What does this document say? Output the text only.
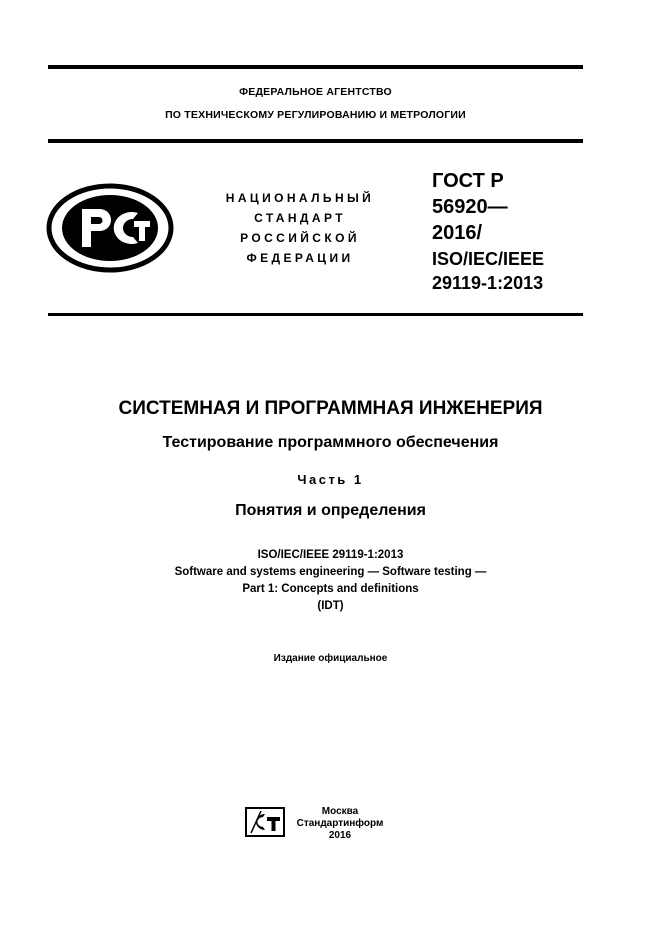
ФЕДЕРАЛЬНОЕ АГЕНТСТВО
ПО ТЕХНИЧЕСКОМУ РЕГУЛИРОВАНИЮ И МЕТРОЛОГИИ
НАЦИОНАЛЬНЫЙ
СТАНДАРТ
РОССИЙСКОЙ
ФЕДЕРАЦИИ
ГОСТ Р
56920—
2016/
ISO/IEC/IEEE
29119-1:2013
СИСТЕМНАЯ И ПРОГРАММНАЯ ИНЖЕНЕРИЯ
Тестирование программного обеспечения
Часть 1
Понятия и определения
ISO/IEC/IEEE 29119-1:2013
Software and systems engineering — Software testing —
Part 1: Concepts and definitions
(IDT)
Издание официальное
Москва
Стандартинформ
2016
